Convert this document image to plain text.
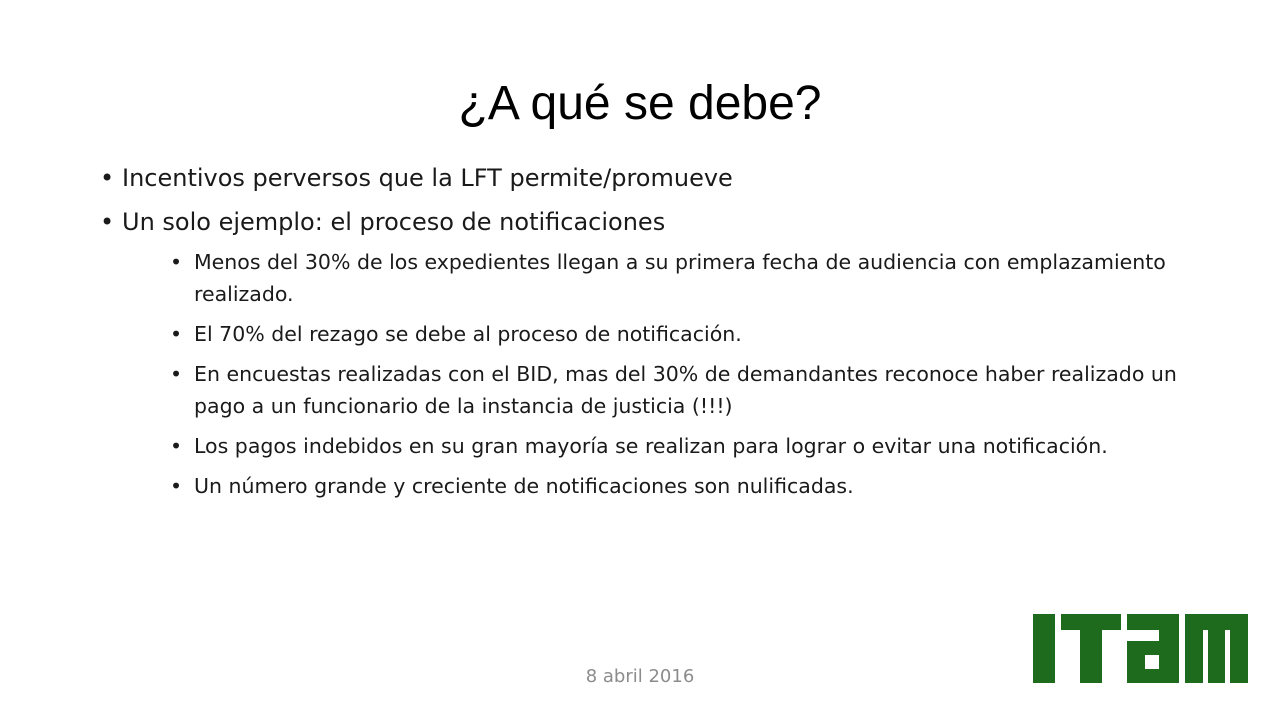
¿A qué se debe?
• Incentivos perversos que la LFT permite/promueve
• Un solo ejemplo: el proceso de notificaciones
• Menos del 30% de los expedientes llegan a su primera fecha de audiencia con emplazamiento realizado.
• El 70% del rezago se debe al proceso de notificación.
• En encuestas realizadas con el BID, mas del 30% de demandantes reconoce haber realizado un pago a un funcionario de la instancia de justicia (!!!)
• Los pagos indebidos en su gran mayoría se realizan para lograr o evitar una notificación.
• Un número grande y creciente de notificaciones son nulificadas.
8 abril 2016
